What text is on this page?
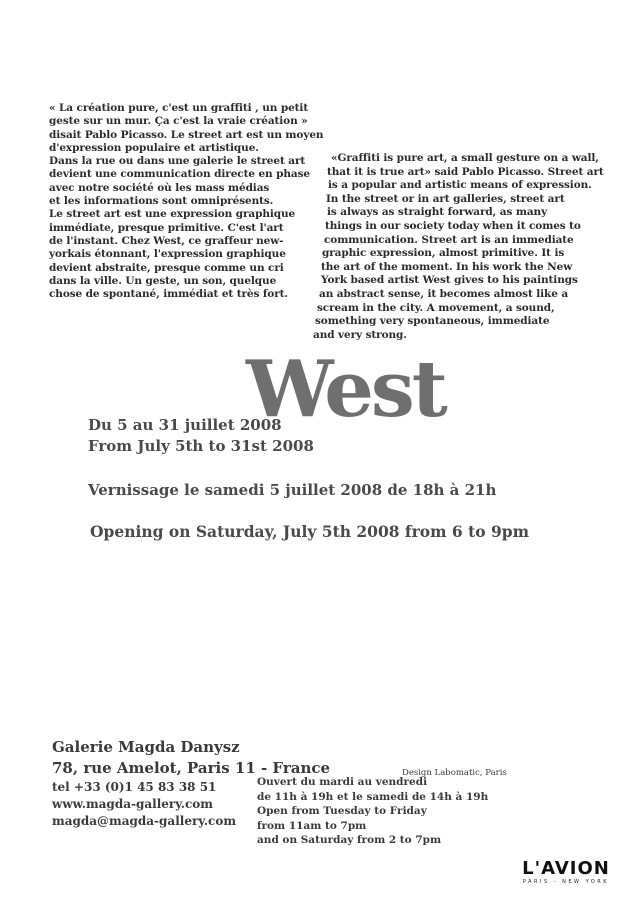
« La création pure, c'est un graffiti , un petit
geste sur un mur. Ça c'est la vraie création »
disait Pablo Picasso. Le street art est un moyen
d'expression populaire et artistique.
Dans la rue ou dans une galerie le street art
devient une communication directe en phase
avec notre société où les mass médias
et les informations sont omniprésents.
Le street art est une expression graphique
immédiate, presque primitive. C'est l'art
de l'instant. Chez West, ce graffeur new-
yorkais étonnant, l'expression graphique
devient abstraite, presque comme un cri
dans la ville. Un geste, un son, quelque
chose de spontané, immédiat et très fort.
«Graffiti is pure art, a small gesture on a wall,
that it is true art» said Pablo Picasso. Street art
is a popular and artistic means of expression.
In the street or in art galleries, street art
is always as straight forward, as many
things in our society today when it comes to
communication. Street art is an immediate
graphic expression, almost primitive. It is
the art of the moment. In his work the New
York based artist West gives to his paintings
an abstract sense, it becomes almost like a
scream in the city. A movement, a sound,
something very spontaneous, immediate
and very strong.
West
Du 5 au 31 juillet 2008
From July 5th to 31st 2008
Vernissage le samedi 5 juillet 2008 de 18h à 21h
Opening on Saturday, July 5th 2008 from 6 to 9pm
Galerie Magda Danysz
78, rue Amelot, Paris 11 - France
tel +33 (0)1 45 83 38 51
www.magda-gallery.com
magda@magda-gallery.com
Design Labomatic, Paris
Ouvert du mardi au vendredi
de 11h à 19h et le samedi de 14h à 19h
Open from Tuesday to Friday
from 11am to 7pm
and on Saturday from 2 to 7pm
L'AVION
PARIS - NEW YORK
